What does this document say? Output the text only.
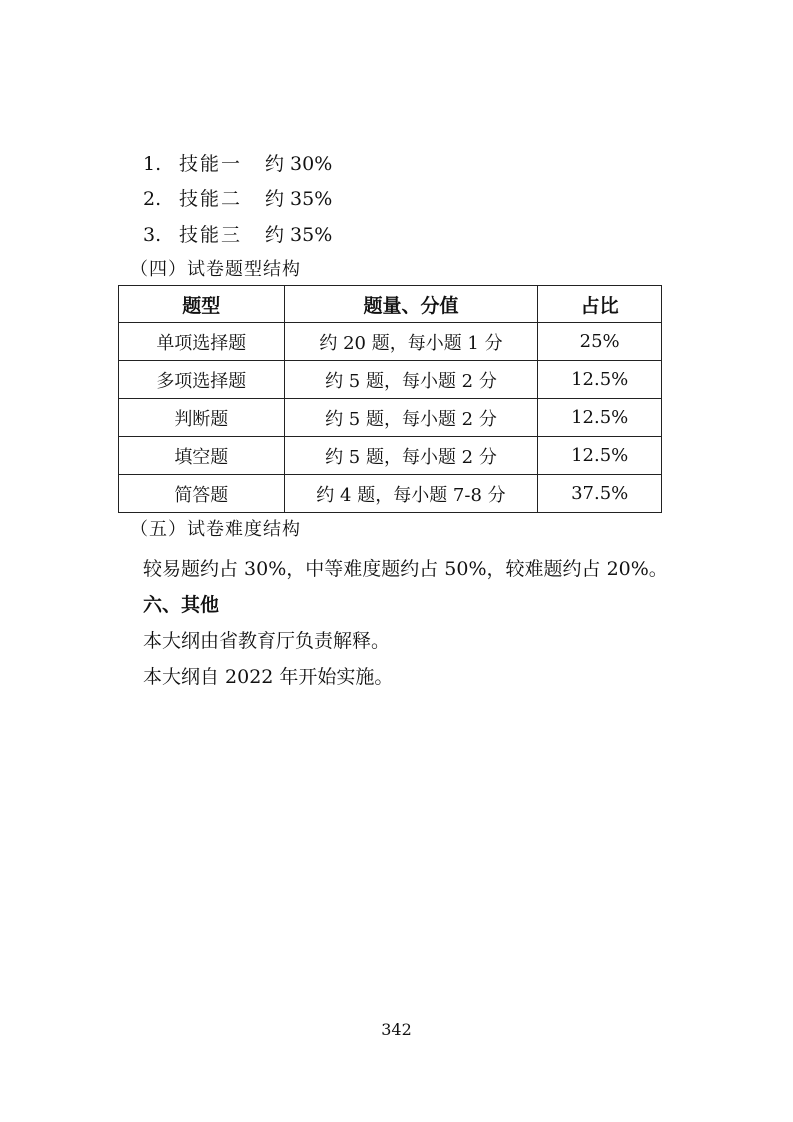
1. 技能一 约 30%
2. 技能二 约 35%
3. 技能三 约 35%
（四）试卷题型结构
题型	题量、分值	占比
单项选择题	约 20 题，每小题 1 分	25%
多项选择题	约 5 题，每小题 2 分	12.5%
判断题	约 5 题，每小题 2 分	12.5%
填空题	约 5 题，每小题 2 分	12.5%
简答题	约 4 题，每小题 7-8 分	37.5%
（五）试卷难度结构
较易题约占 30%，中等难度题约占 50%，较难题约占 20%。
六、其他
本大纲由省教育厅负责解释。
本大纲自 2022 年开始实施。
342
